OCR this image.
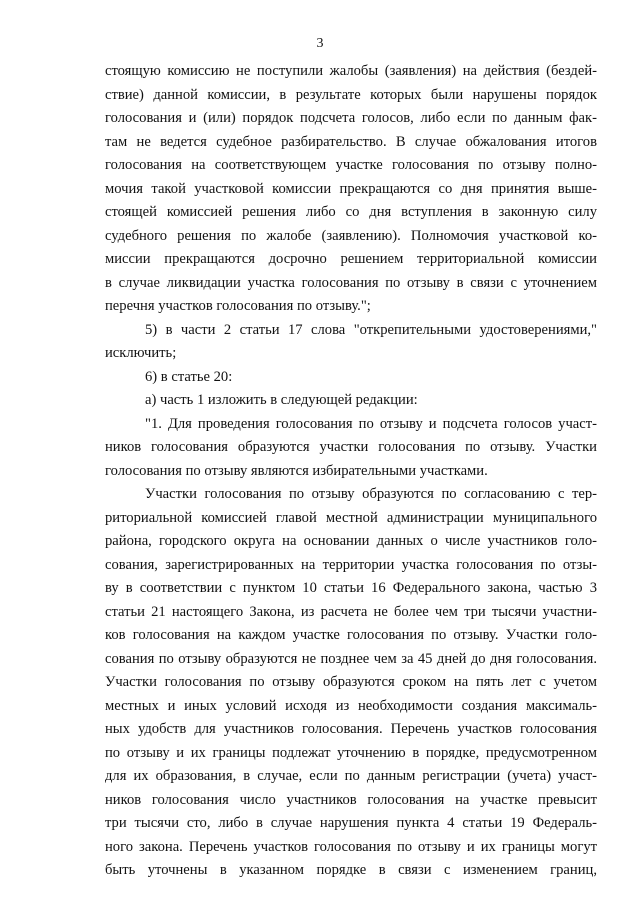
3

стоящую комиссию не поступили жалобы (заявления) на действия (бездей-

ствие) данной комиссии, в результате которых были нарушены порядок

голосования и (или) порядок подсчета голосов, либо если по данным фак-

там не ведется судебное разбирательство. В случае обжалования итогов

голосования на соответствующем участке голосования по отзыву полно-

мочия такой участковой комиссии прекращаются со дня принятия выше-

стоящей комиссией решения либо со дня вступления в законную силу

судебного решения по жалобе (заявлению). Полномочия участковой ко-

миссии прекращаются досрочно решением территориальной комиссии

в случае ликвидации участка голосования по отзыву в связи с уточнением

перечня участков голосования по отзыву.";

5) в части 2 статьи 17 слова "открепительными удостоверениями,"

исключить;

6) в статье 20:

а) часть 1 изложить в следующей редакции:

"1. Для проведения голосования по отзыву и подсчета голосов участ-

ников голосования образуются участки голосования по отзыву. Участки

голосования по отзыву являются избирательными участками.

Участки голосования по отзыву образуются по согласованию с тер-

риториальной комиссией главой местной администрации муниципального

района, городского округа на основании данных о числе участников голо-

сования, зарегистрированных на территории участка голосования по отзы-

ву в соответствии с пунктом 10 статьи 16 Федерального закона, частью 3

статьи 21 настоящего Закона, из расчета не более чем три тысячи участни-

ков голосования на каждом участке голосования по отзыву. Участки голо-

сования по отзыву образуются не позднее чем за 45 дней до дня голосования.

Участки голосования по отзыву образуются сроком на пять лет с учетом

местных и иных условий исходя из необходимости создания максималь-

ных удобств для участников голосования. Перечень участков голосования

по отзыву и их границы подлежат уточнению в порядке, предусмотренном

для их образования, в случае, если по данным регистрации (учета) участ-

ников голосования число участников голосования на участке превысит

три тысячи сто, либо в случае нарушения пункта 4 статьи 19 Федераль-

ного закона. Перечень участков голосования по отзыву и их границы могут

быть уточнены в указанном порядке в связи с изменением границ,
